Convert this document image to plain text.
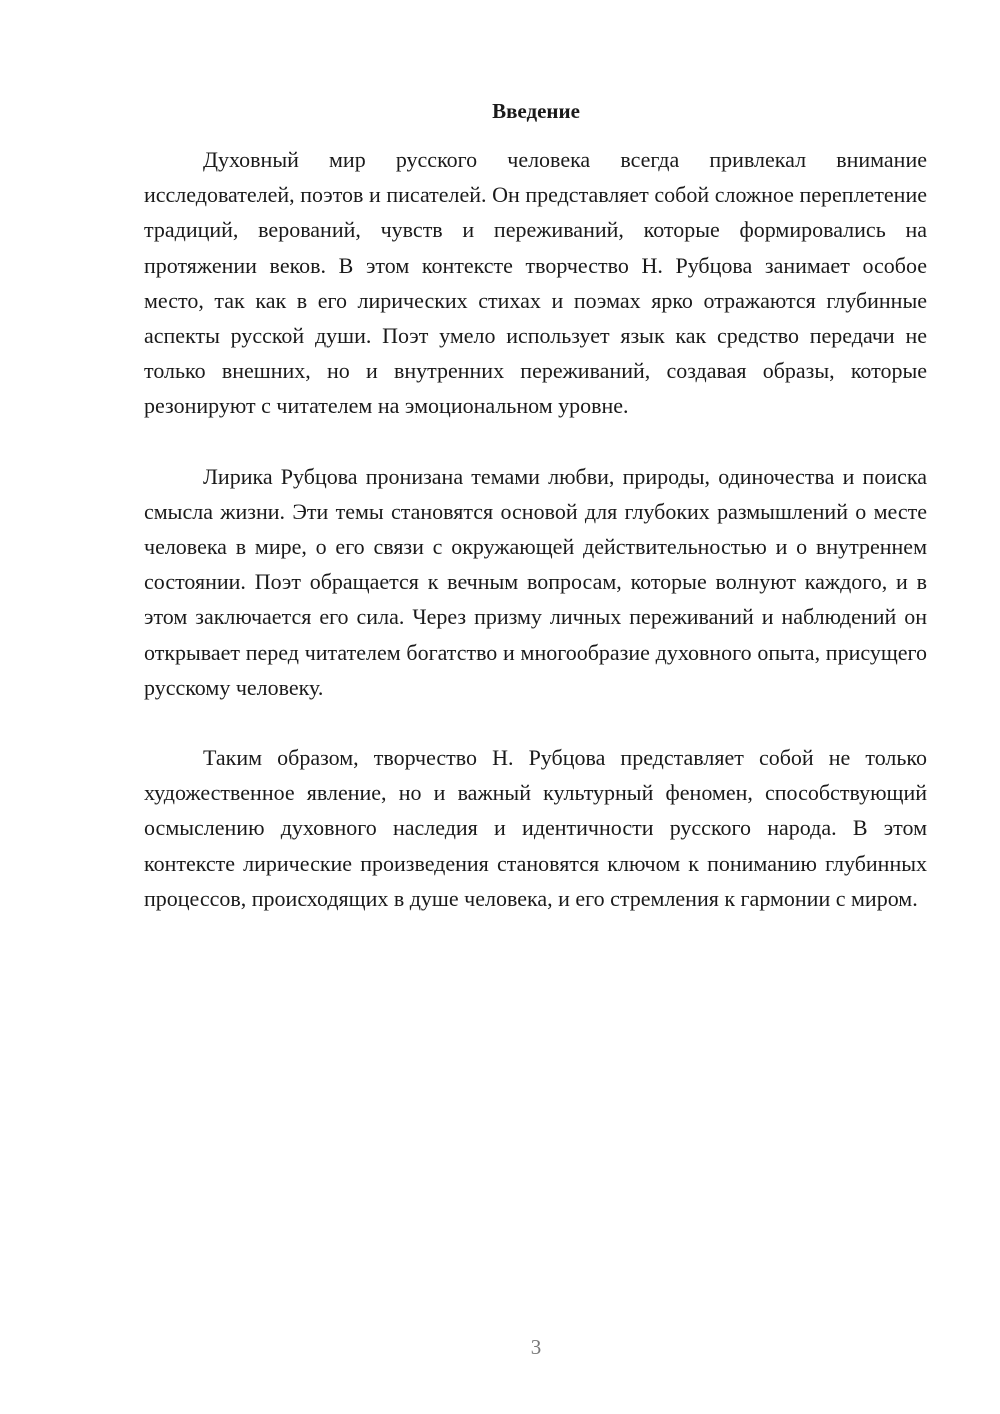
Введение

Духовный мир русского человека всегда привлекал внимание исследователей, поэтов и писателей. Он представляет собой сложное переплетение традиций, верований, чувств и переживаний, которые формировались на протяжении веков. В этом контексте творчество Н. Рубцова занимает особое место, так как в его лирических стихах и поэмах ярко отражаются глубинные аспекты русской души. Поэт умело использует язык как средство передачи не только внешних, но и внутренних переживаний, создавая образы, которые резонируют с читателем на эмоциональном уровне.

Лирика Рубцова пронизана темами любви, природы, одиночества и поиска смысла жизни. Эти темы становятся основой для глубоких размышлений о месте человека в мире, о его связи с окружающей действительностью и о внутреннем состоянии. Поэт обращается к вечным вопросам, которые волнуют каждого, и в этом заключается его сила. Через призму личных переживаний и наблюдений он открывает перед читателем богатство и многообразие духовного опыта, присущего русскому человеку.

Таким образом, творчество Н. Рубцова представляет собой не только художественное явление, но и важный культурный феномен, способствующий осмыслению духовного наследия и идентичности русского народа. В этом контексте лирические произведения становятся ключом к пониманию глубинных процессов, происходящих в душе человека, и его стремления к гармонии с миром.

3
